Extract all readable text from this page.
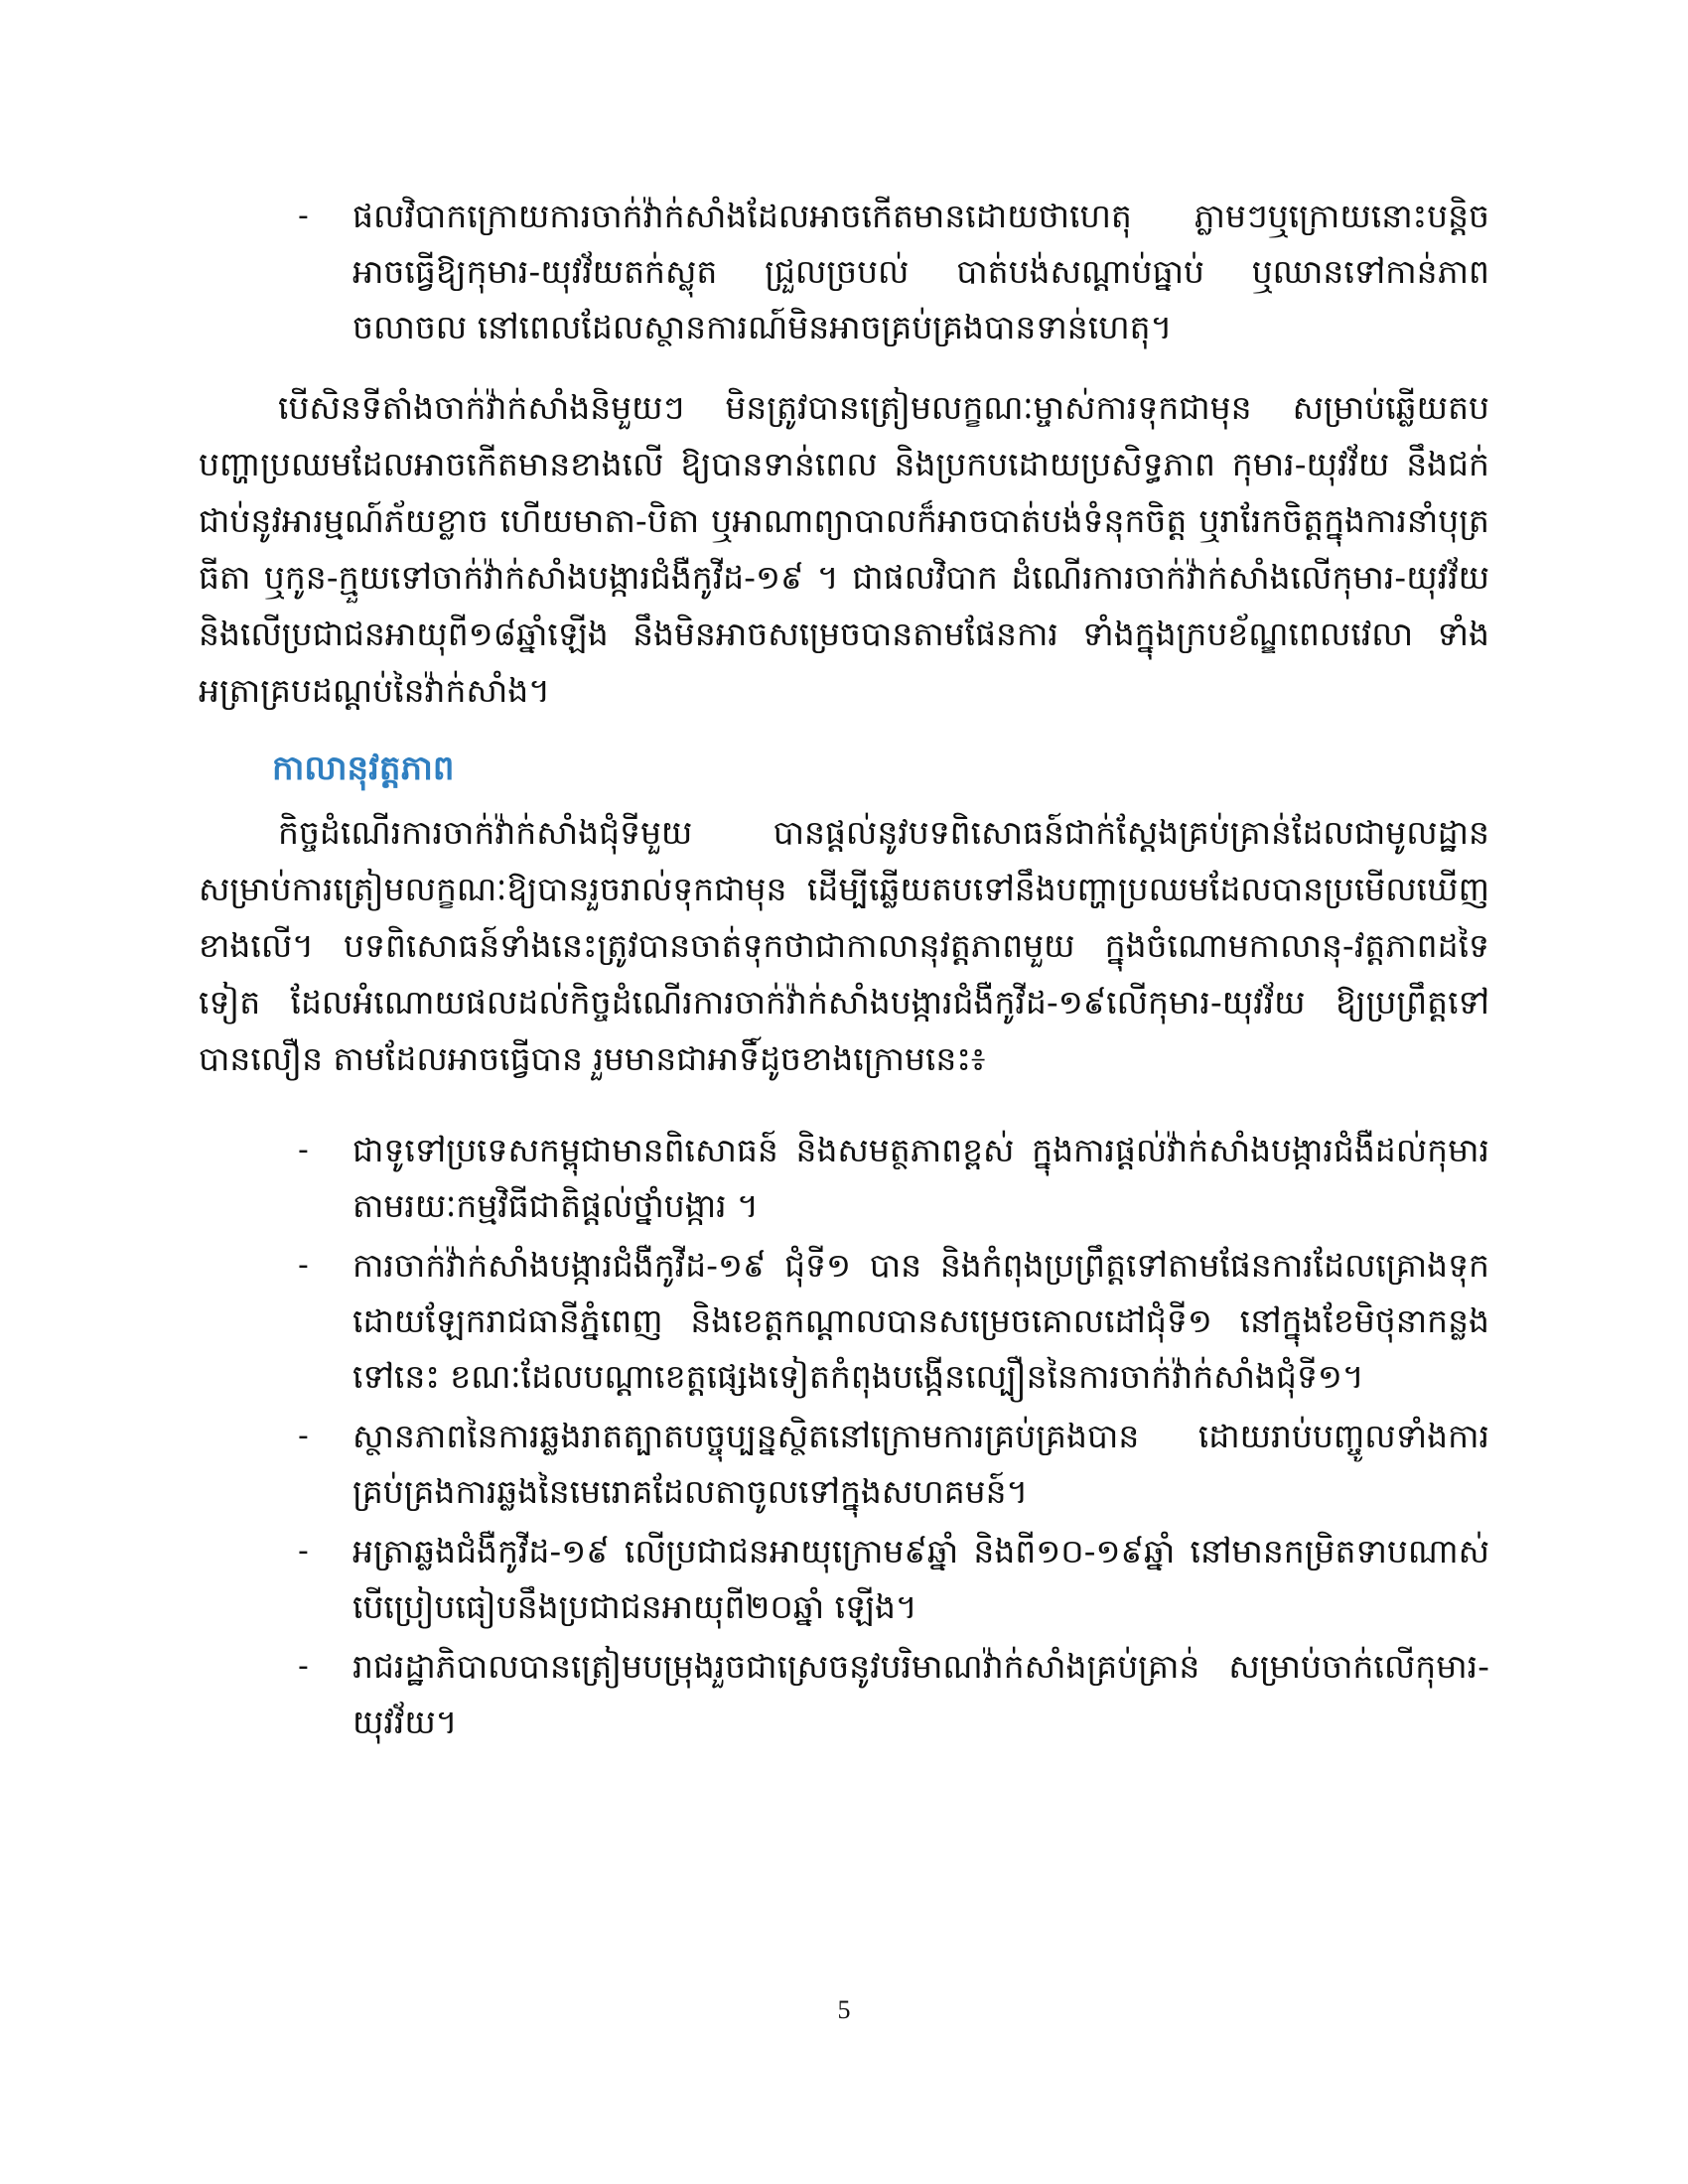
-	ផលវិបាកក្រោយការចាក់វ៉ាក់សាំងដែលអាចកើតមានដោយថាហេតុ ភ្លាមៗឬក្រោយនោះបន្តិច អាចធ្វើឱ្យកុមារ-យុវវ័យតក់ស្លុត ជ្រួលច្របល់ បាត់បង់សណ្តាប់ធ្នាប់ ឬឈានទៅកាន់ភាពចលាចល នៅពេលដែលស្ថានការណ៍មិនអាចគ្រប់គ្រងបានទាន់ហេតុ។

បើសិនទីតាំងចាក់វ៉ាក់សាំងនិមួយៗ មិនត្រូវបានត្រៀមលក្ខណៈម្ចាស់ការទុកជាមុន សម្រាប់ឆ្លើយតបបញ្ហាប្រឈមដែលអាចកើតមានខាងលើ ឱ្យបានទាន់ពេល និងប្រកបដោយប្រសិទ្ធភាព កុមារ-យុវវ័យ នឹងជក់ជាប់នូវអារម្មណ៍ភ័យខ្លាច ហើយមាតា-បិតា ឬអាណាព្យាបាលក៏អាចបាត់បង់ទំនុកចិត្ត ឬរារែកចិត្តក្នុងការនាំបុត្រធីតា ឬកូន-ក្មួយទៅចាក់វ៉ាក់សាំងបង្ការជំងឺកូវីដ-១៩ ។ ជាផលវិបាក ដំណើរការចាក់វ៉ាក់សាំងលើកុមារ-យុវវ័យ និងលើប្រជាជនអាយុពី១៨ឆ្នាំឡើង នឹងមិនអាចសម្រេចបានតាមផែនការ ទាំងក្នុងក្របខ័ណ្ឌពេលវេលា ទាំងអត្រាគ្របដណ្តប់នៃវ៉ាក់សាំង។

កាលានុវត្តភាព

កិច្ចដំណើរការចាក់វ៉ាក់សាំងជុំទីមួយ បានផ្តល់នូវបទពិសោធន៍ជាក់ស្តែងគ្រប់គ្រាន់ដែលជាមូលដ្ឋានសម្រាប់ការត្រៀមលក្ខណៈឱ្យបានរួចរាល់ទុកជាមុន ដើម្បីឆ្លើយតបទៅនឹងបញ្ហាប្រឈមដែលបានប្រមើលឃើញខាងលើ។ បទពិសោធន៍ទាំងនេះត្រូវបានចាត់ទុកថាជាកាលានុវត្តភាពមួយ ក្នុងចំណោមកាលានុ-វត្តភាពដទៃទៀត ដែលអំណោយផលដល់កិច្ចដំណើរការចាក់វ៉ាក់សាំងបង្ការជំងឺកូវីដ-១៩លើកុមារ-យុវវ័យ ឱ្យប្រព្រឹត្តទៅបានលឿន តាមដែលអាចធ្វើបាន រួមមានជាអាទិ៍ដូចខាងក្រោមនេះ៖

-	ជាទូទៅប្រទេសកម្ពុជាមានពិសោធន៍ និងសមត្ថភាពខ្ពស់ ក្នុងការផ្តល់វ៉ាក់សាំងបង្ការជំងឺដល់កុមារ តាមរយៈកម្មវិធីជាតិផ្តល់ថ្នាំបង្ការ ។
-	ការចាក់វ៉ាក់សាំងបង្ការជំងឺកូវីដ-១៩ ជុំទី១ បាន និងកំពុងប្រព្រឹត្តទៅតាមផែនការដែលគ្រោងទុក ដោយឡែករាជធានីភ្នំពេញ និងខេត្តកណ្តាលបានសម្រេចគោលដៅជុំទី១ នៅក្នុងខែមិថុនាកន្លងទៅនេះ ខណៈដែលបណ្តាខេត្តផ្សេងទៀតកំពុងបង្កើនល្បឿននៃការចាក់វ៉ាក់សាំងជុំទី១។
-	ស្ថានភាពនៃការឆ្លងរាតត្បាតបច្ចុប្បន្នស្ថិតនៅក្រោមការគ្រប់គ្រងបាន ដោយរាប់បញ្ចូលទាំងការគ្រប់គ្រងការឆ្លងនៃមេរោគដែលតាចូលទៅក្នុងសហគមន៍។
-	អត្រាឆ្លងជំងឺកូវីដ-១៩ លើប្រជាជនអាយុក្រោម៩ឆ្នាំ និងពី១០-១៩ឆ្នាំ នៅមានកម្រិតទាបណាស់ បើប្រៀបធៀបនឹងប្រជាជនអាយុពី២០ឆ្នាំ ឡើង។
-	រាជរដ្ឋាភិបាលបានត្រៀមបម្រុងរួចជាស្រេចនូវបរិមាណវ៉ាក់សាំងគ្រប់គ្រាន់ សម្រាប់ចាក់លើកុមារ-យុវវ័យ។
5
